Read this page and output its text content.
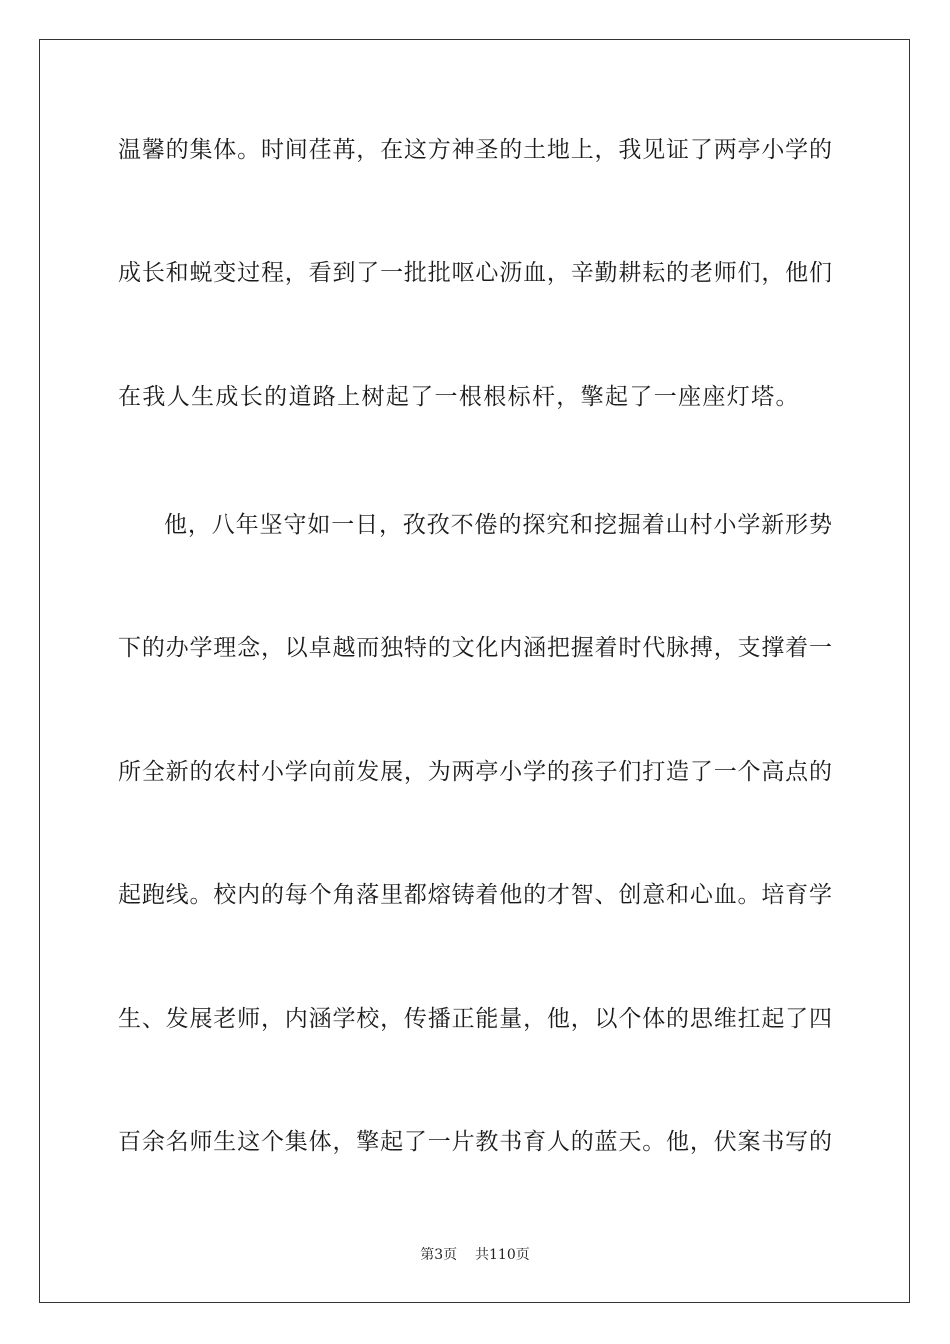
温馨的集体。时间荏苒，在这方神圣的土地上，我见证了两亭小学的
成长和蜕变过程，看到了一批批呕心沥血，辛勤耕耘的老师们，他们
在我人生成长的道路上树起了一根根标杆，擎起了一座座灯塔。
他，八年坚守如一日，孜孜不倦的探究和挖掘着山村小学新形势
下的办学理念，以卓越而独特的文化内涵把握着时代脉搏，支撑着一
所全新的农村小学向前发展，为两亭小学的孩子们打造了一个高点的
起跑线。校内的每个角落里都熔铸着他的才智、创意和心血。培育学
生、发展老师，内涵学校，传播正能量，他，以个体的思维扛起了四
百余名师生这个集体，擎起了一片教书育人的蓝天。他，伏案书写的
第3页 共110页
